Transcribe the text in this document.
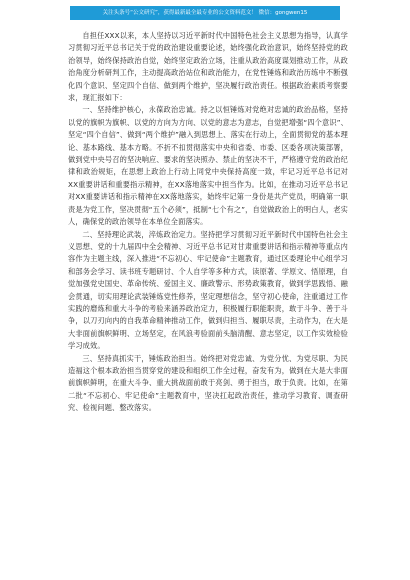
关注头条号“公文研究”，获得最新最全最专业的公文资料范文！ 微信：gongwen15

自担任XXX以来，本人坚持以习近平新时代中国特色社会主义思想为指导，认真学习贯彻习近平总书记关于党的政治建设重要论述，始终强化政治意识，始终坚持党的政治领导，始终保持政治自觉，始终坚定政治立场，注重从政治高度谋划推动工作，从政治角度分析研判工作，主动提高政治站位和政治能力，在党性锤炼和政治历练中不断强化四个意识、坚定四个自信、做到两个维护，坚决履行政治责任。根据政治素质考察要求，现汇报如下：

一、坚持维护核心，永葆政治忠诚。持之以恒锤炼对党绝对忠诚的政治品格，坚持以党的旗帜为旗帜、以党的方向为方向、以党的意志为意志，自觉把增强“四个意识”、坚定“四个自信”、做到“两个维护”融入到思想上、落实在行动上，全面贯彻党的基本理论、基本路线、基本方略。不折不扣贯彻落实中央和省委、市委、区委各项决策部署，做到党中央号召的坚决响应、要求的坚决照办、禁止的坚决不干，严格遵守党的政治纪律和政治规矩，在思想上政治上行动上同党中央保持高度一致，牢记习近平总书记对XX重要讲话和重要指示精神，在XX落地落实中担当作为。比如，在推动习近平总书记对XX重要讲话和指示精神在XX落地落实，始终牢记第一身份是共产党员，明确第一职责是为党工作，坚决贯彻“五个必须”，抵制“七个有之”，自觉做政治上的明白人，老实人，确保党的政治领导在本单位全面落实。

二、坚持理论武装，淬炼政治定力。坚持把学习贯彻习近平新时代中国特色社会主义思想、党的十九届四中全会精神、习近平总书记对甘肃重要讲话和指示精神等重点内容作为主题主线，深入推进“不忘初心、牢记使命”主题教育，通过区委理论中心组学习和部务会学习、读书班专题研讨、个人自学等多种方式，读原著、学原文、悟原理，自觉加强党史国史、革命传统、爱国主义、廉政警示、形势政策教育，做到学思践悟、融会贯通，切实用理论武装锤炼党性修养，坚定理想信念，坚守初心使命，注重通过工作实践的磨炼和重大斗争的考验来涵养政治定力，积极履行职能职责，敢于斗争、善于斗争，以刀刃向内的自我革命精神推动工作，做到归担当、履职尽责，主动作为，在大是大非面前旗帜鲜明、立场坚定，在风浪考验面前头脑清醒、意志坚定，以工作实效检验学习成效。

三、坚持真抓实干，锤炼政治担当。始终把对党忠诚、为党分忧、为党尽职、为民造福这个根本政治担当贯穿党的建设和组织工作全过程，奋发有为，做到在大是大非面前旗帜鲜明，在重大斗争、重大挑战面前敢于亮剑、勇于担当，敢于负责。比如，在第二批“不忘初心、牢记使命”主题教育中，坚决扛起政治责任，推动学习教育、调查研究、检视问题、整改落实。
